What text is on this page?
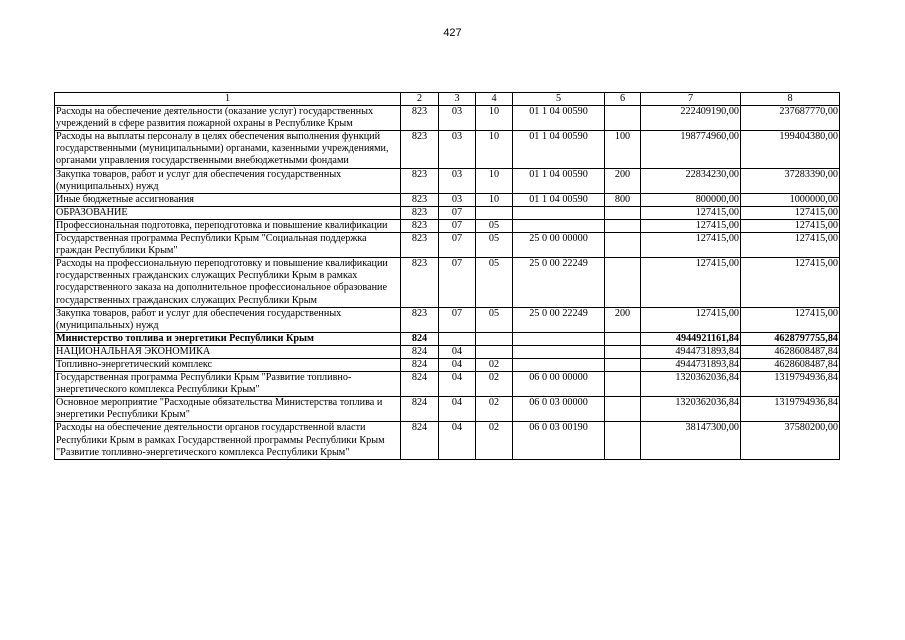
427
1	2	3	4	5	6	7	8
Расходы на обеспечение деятельности (оказание услуг) государственных учреждений в сфере развития пожарной охраны в Республике Крым	823	03	10	01 1 04 00590		222409190,00	237687770,00
Расходы на выплаты персоналу в целях обеспечения выполнения функций государственными (муниципальными) органами, казенными учреждениями, органами управления государственными внебюджетными фондами	823	03	10	01 1 04 00590	100	198774960,00	199404380,00
Закупка товаров, работ и услуг для обеспечения государственных (муниципальных) нужд	823	03	10	01 1 04 00590	200	22834230,00	37283390,00
Иные бюджетные ассигнования	823	03	10	01 1 04 00590	800	800000,00	1000000,00
ОБРАЗОВАНИЕ	823	07				127415,00	127415,00
Профессиональная подготовка, переподготовка и повышение квалификации	823	07	05			127415,00	127415,00
Государственная программа Республики Крым "Социальная поддержка граждан Республики Крым"	823	07	05	25 0 00 00000		127415,00	127415,00
Расходы на профессиональную переподготовку и повышение квалификации государственных гражданских служащих Республики Крым в рамках государственного заказа на дополнительное профессиональное образование государственных гражданских служащих Республики Крым	823	07	05	25 0 00 22249		127415,00	127415,00
Закупка товаров, работ и услуг для обеспечения государственных (муниципальных) нужд	823	07	05	25 0 00 22249	200	127415,00	127415,00
Министерство топлива и энергетики Республики Крым	824					4944921161,84	4628797755,84
НАЦИОНАЛЬНАЯ ЭКОНОМИКА	824	04				4944731893,84	4628608487,84
Топливно-энергетический комплекс	824	04	02			4944731893,84	4628608487,84
Государственная программа Республики Крым "Развитие топливно-энергетического комплекса Республики Крым"	824	04	02	06 0 00 00000		1320362036,84	1319794936,84
Основное мероприятие "Расходные обязательства Министерства топлива и энергетики Республики Крым"	824	04	02	06 0 03 00000		1320362036,84	1319794936,84
Расходы на обеспечение деятельности органов государственной власти Республики Крым в рамках Государственной программы Республики Крым "Развитие топливно-энергетического комплекса Республики Крым"	824	04	02	06 0 03 00190		38147300,00	37580200,00
